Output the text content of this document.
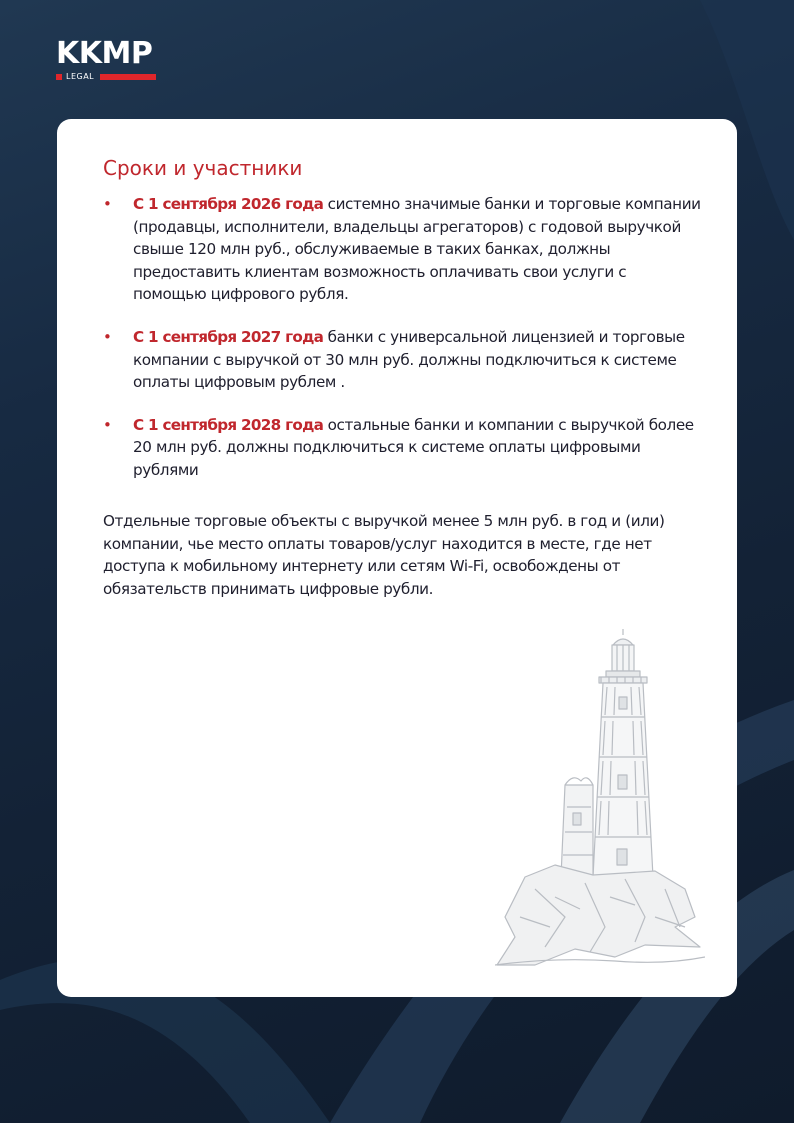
KKMP
LEGAL
Сроки и участники
• С 1 сентября 2026 года системно значимые банки и торговые компании (продавцы, исполнители, владельцы агрегаторов) с годовой выручкой свыше 120 млн руб., обслуживаемые в таких банках, должны предоставить клиентам возможность оплачивать свои услуги с помощью цифрового рубля.
• С 1 сентября 2027 года банки с универсальной лицензией и торговые компании с выручкой от 30 млн руб. должны подключиться к системе оплаты цифровым рублем .
• С 1 сентября 2028 года остальные банки и компании с выручкой более 20 млн руб. должны подключиться к системе оплаты цифровыми рублями

Отдельные торговые объекты с выручкой менее 5 млн руб. в год и (или) компании, чье место оплаты товаров/услуг находится в месте, где нет доступа к мобильному интернету или сетям Wi-Fi, освобождены от обязательств принимать цифровые рубли.
